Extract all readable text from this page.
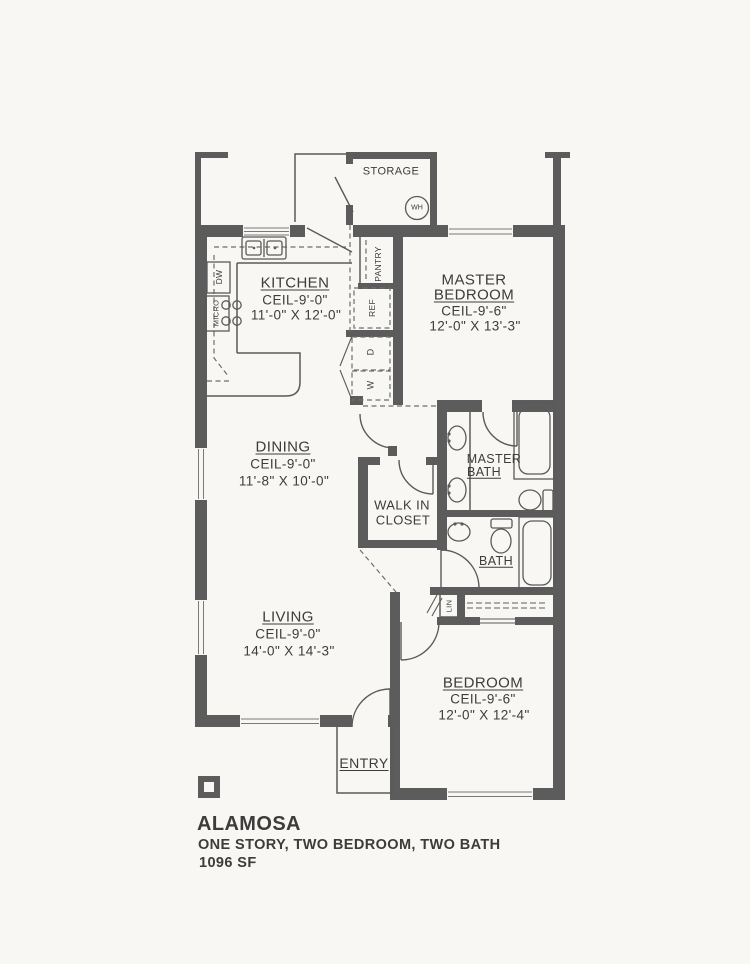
STORAGE
WH
KITCHEN
CEIL-9'-0"
11'-0" X 12'-0"
MASTER
BEDROOM
CEIL-9'-6"
12'-0" X 13'-3"
DINING
CEIL-9'-0"
11'-8" X 10'-0"
WALK IN
CLOSET
MASTER
BATH
BATH
LIVING
CEIL-9'-0"
14'-0" X 14'-3"
BEDROOM
CEIL-9'-6"
12'-0" X 12'-4"
ENTRY
PANTRY
REF
DW
MICRO
D
W
LIN
ALAMOSA
ONE STORY, TWO BEDROOM, TWO BATH
1096 SF
